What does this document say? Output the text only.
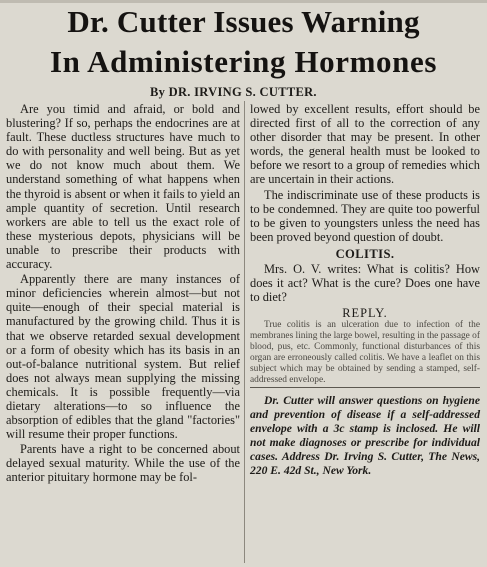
Dr. Cutter Issues Warning
In Administering Hormones
By DR. IRVING S. CUTTER.

Are you timid and afraid, or bold and blustering? If so, perhaps the endocrines are at fault. These ductless structures have much to do with personality and well being. But as yet we do not know much about them. We understand something of what happens when the thyroid is absent or when it fails to yield an ample quantity of secretion. Until research workers are able to tell us the exact role of these mysterious depots, physicians will be unable to prescribe their products with accuracy.

Apparently there are many instances of minor deficiencies wherein almost—but not quite—enough of their special material is manufactured by the growing child. Thus it is that we observe retarded sexual development or a form of obesity which has its basis in an out-of-balance nutritional system. But relief does not always mean supplying the missing chemicals. It is possible frequently—via dietary alterations—to so influence the absorption of edibles that the gland "factories" will resume their proper functions.

Parents have a right to be concerned about delayed sexual maturity. While the use of the anterior pituitary hormone may be fol-

lowed by excellent results, effort should be directed first of all to the correction of any other disorder that may be present. In other words, the general health must be looked to before we resort to a group of remedies which are uncertain in their actions.

The indiscriminate use of these products is to be condemned. They are quite too powerful to be given to youngsters unless the need has been proved beyond question of doubt.

COLITIS.

Mrs. O. V. writes: What is colitis? How does it act? What is the cure? Does one have to diet?

REPLY.

True colitis is an ulceration due to infection of the membranes lining the large bowel, resulting in the passage of blood, pus, etc. Commonly, functional disturbances of this organ are erroneously called colitis. We have a leaflet on this subject which may be obtained by sending a stamped, self-addressed envelope.

Dr. Cutter will answer questions on hygiene and prevention of disease if a self-addressed envelope with a 3c stamp is inclosed. He will not make diagnoses or prescribe for individual cases. Address Dr. Irving S. Cutter, The News, 220 E. 42d St., New York.
